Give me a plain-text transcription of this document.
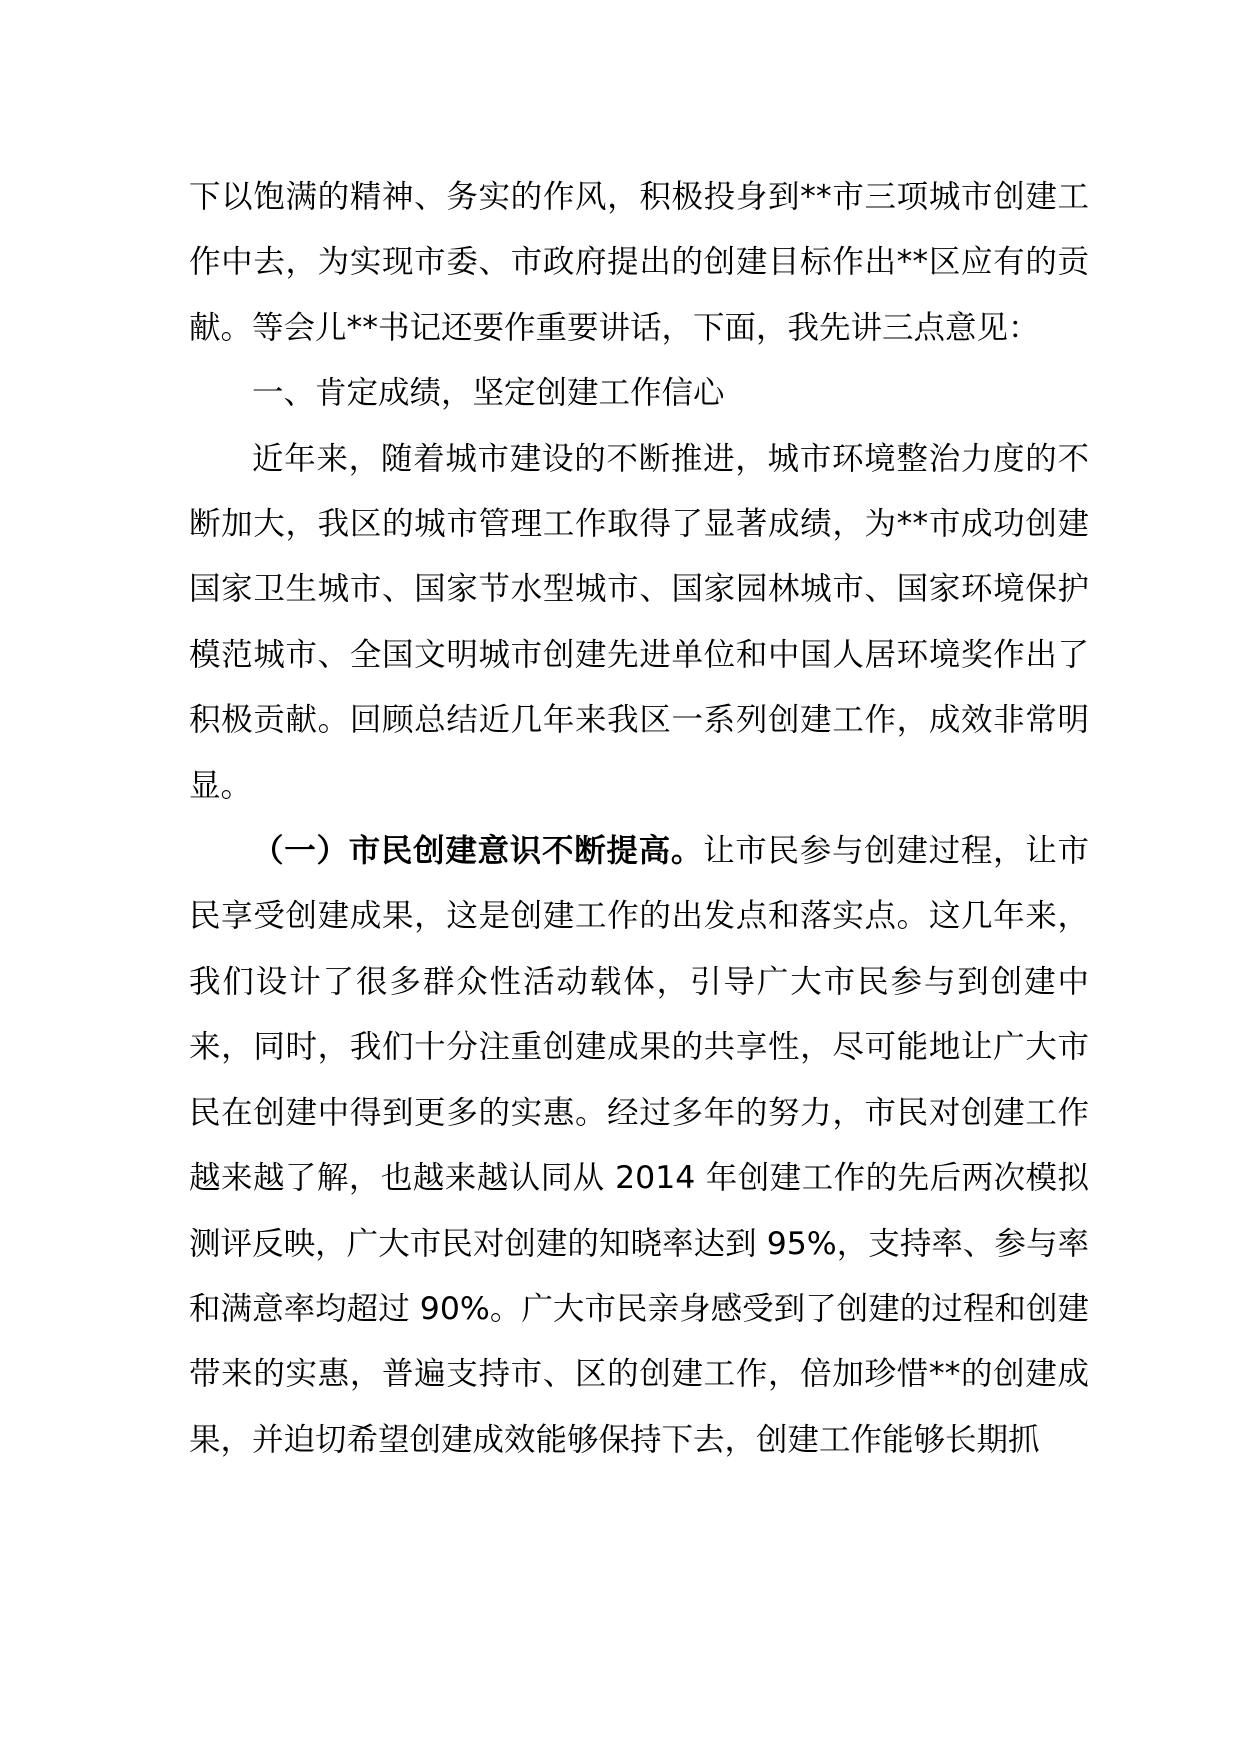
下以饱满的精神、务实的作风，积极投身到**市三项城市创建工作中去，为实现市委、市政府提出的创建目标作出**区应有的贡献。等会儿**书记还要作重要讲话，下面，我先讲三点意见：

一、肯定成绩，坚定创建工作信心

近年来，随着城市建设的不断推进，城市环境整治力度的不断加大，我区的城市管理工作取得了显著成绩，为**市成功创建国家卫生城市、国家节水型城市、国家园林城市、国家环境保护模范城市、全国文明城市创建先进单位和中国人居环境奖作出了积极贡献。回顾总结近几年来我区一系列创建工作，成效非常明显。

（一）市民创建意识不断提高。让市民参与创建过程，让市民享受创建成果，这是创建工作的出发点和落实点。这几年来，我们设计了很多群众性活动载体，引导广大市民参与到创建中来，同时，我们十分注重创建成果的共享性，尽可能地让广大市民在创建中得到更多的实惠。经过多年的努力，市民对创建工作越来越了解，也越来越认同从 2014 年创建工作的先后两次模拟测评反映，广大市民对创建的知晓率达到 95%，支持率、参与率和满意率均超过 90%。广大市民亲身感受到了创建的过程和创建带来的实惠，普遍支持市、区的创建工作，倍加珍惜**的创建成果，并迫切希望创建成效能够保持下去，创建工作能够长期抓
